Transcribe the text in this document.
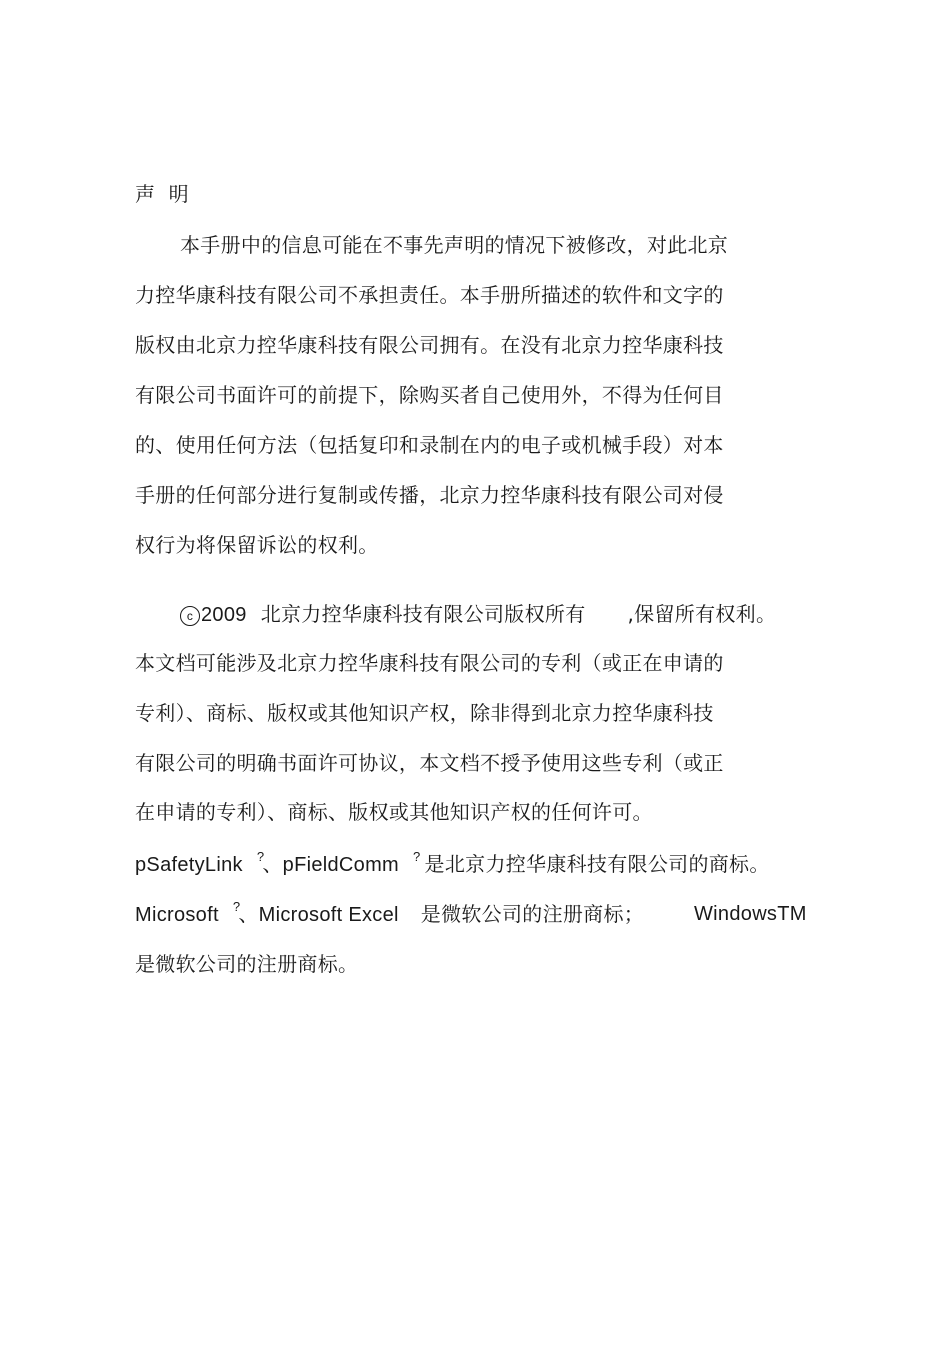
声  明
本手册中的信息可能在不事先声明的情况下被修改，对此北京
力控华康科技有限公司不承担责任。本手册所描述的软件和文字的
版权由北京力控华康科技有限公司拥有。在没有北京力控华康科技
有限公司书面许可的前提下，除购买者自己使用外，不得为任何目
的、使用任何方法（包括复印和录制在内的电子或机械手段）对本
手册的任何部分进行复制或传播，北京力控华康科技有限公司对侵
权行为将保留诉讼的权利。
c 2009 北京力控华康科技有限公司版权所有 ,保留所有权利。
本文档可能涉及北京力控华康科技有限公司的专利（或正在申请的
专利）、商标、版权或其他知识产权，除非得到北京力控华康科技
有限公司的明确书面许可协议，本文档不授予使用这些专利（或正
在申请的专利）、商标、版权或其他知识产权的任何许可。
pSafetyLink ?、pFieldComm ? 是北京力控华康科技有限公司的商标。
Microsoft ?、Microsoft Excel 是微软公司的注册商标； WindowsTM
是微软公司的注册商标。
